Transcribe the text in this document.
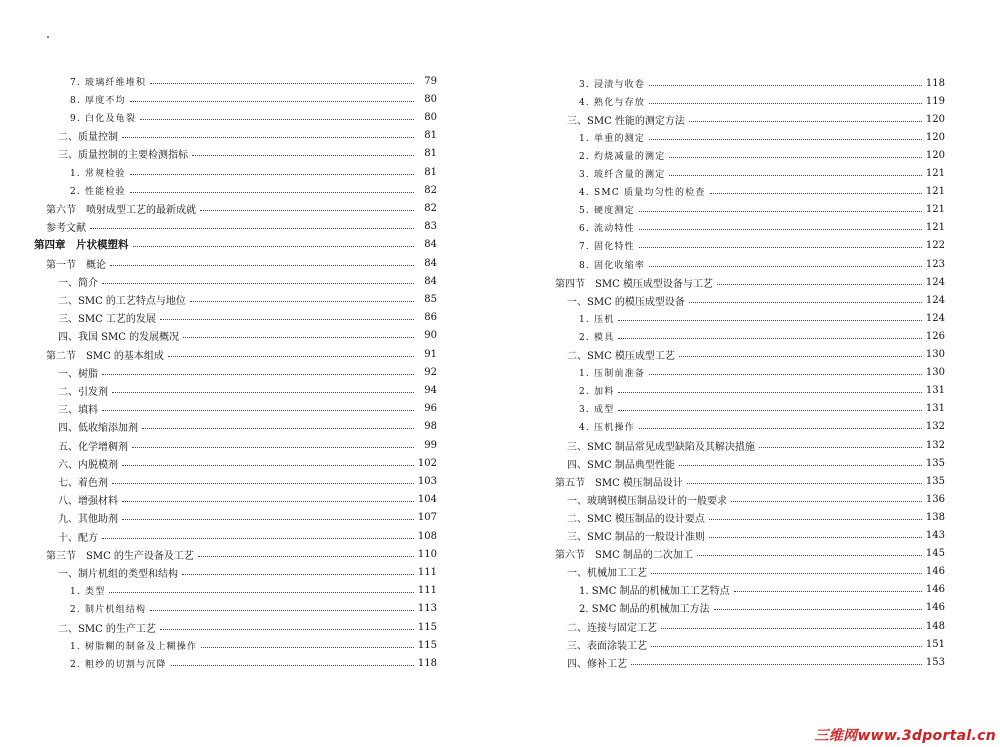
7. 玻璃纤维堆积	79
8. 厚度不均	80
9. 白化及龟裂	80
二、质量控制	81
三、质量控制的主要检测指标	81
1. 常规检验	81
2. 性能检验	82
第六节　喷射成型工艺的最新成就	82
参考文献	83
第四章　片状模塑料	84
第一节　概论	84
一、简介	84
二、SMC 的工艺特点与地位	85
三、SMC 工艺的发展	86
四、我国 SMC 的发展概况	90
第二节　SMC 的基本组成	91
一、树脂	92
二、引发剂	94
三、填料	96
四、低收缩添加剂	98
五、化学增稠剂	99
六、内脱模剂	102
七、着色剂	103
八、增强材料	104
九、其他助剂	107
十、配方	108
第三节　SMC 的生产设备及工艺	110
一、制片机组的类型和结构	111
1. 类型	111
2. 制片机组结构	113
二、SMC 的生产工艺	115
1. 树脂糊的制备及上糊操作	115
2. 粗纱的切割与沉降	118
3. 浸渍与收卷	118
4. 熟化与存放	119
三、SMC 性能的测定方法	120
1. 单重的测定	120
2. 灼烧减量的测定	120
3. 玻纤含量的测定	121
4. SMC 质量均匀性的检查	121
5. 硬度测定	121
6. 流动特性	121
7. 固化特性	122
8. 固化收缩率	123
第四节　SMC 模压成型设备与工艺	124
一、SMC 的模压成型设备	124
1. 压机	124
2. 模具	126
二、SMC 模压成型工艺	130
1. 压制前准备	130
2. 加料	131
3. 成型	131
4. 压机操作	132
三、SMC 制品常见成型缺陷及其解决措施	132
四、SMC 制品典型性能	135
第五节　SMC 模压制品设计	135
一、玻璃钢模压制品设计的一般要求	136
二、SMC 模压制品的设计要点	138
三、SMC 制品的一般设计准则	143
第六节　SMC 制品的二次加工	145
一、机械加工工艺	146
1. SMC 制品的机械加工工艺特点	146
2. SMC 制品的机械加工方法	146
二、连接与固定工艺	148
三、表面涂装工艺	151
四、修补工艺	153
三维网www.3dportal.cn
